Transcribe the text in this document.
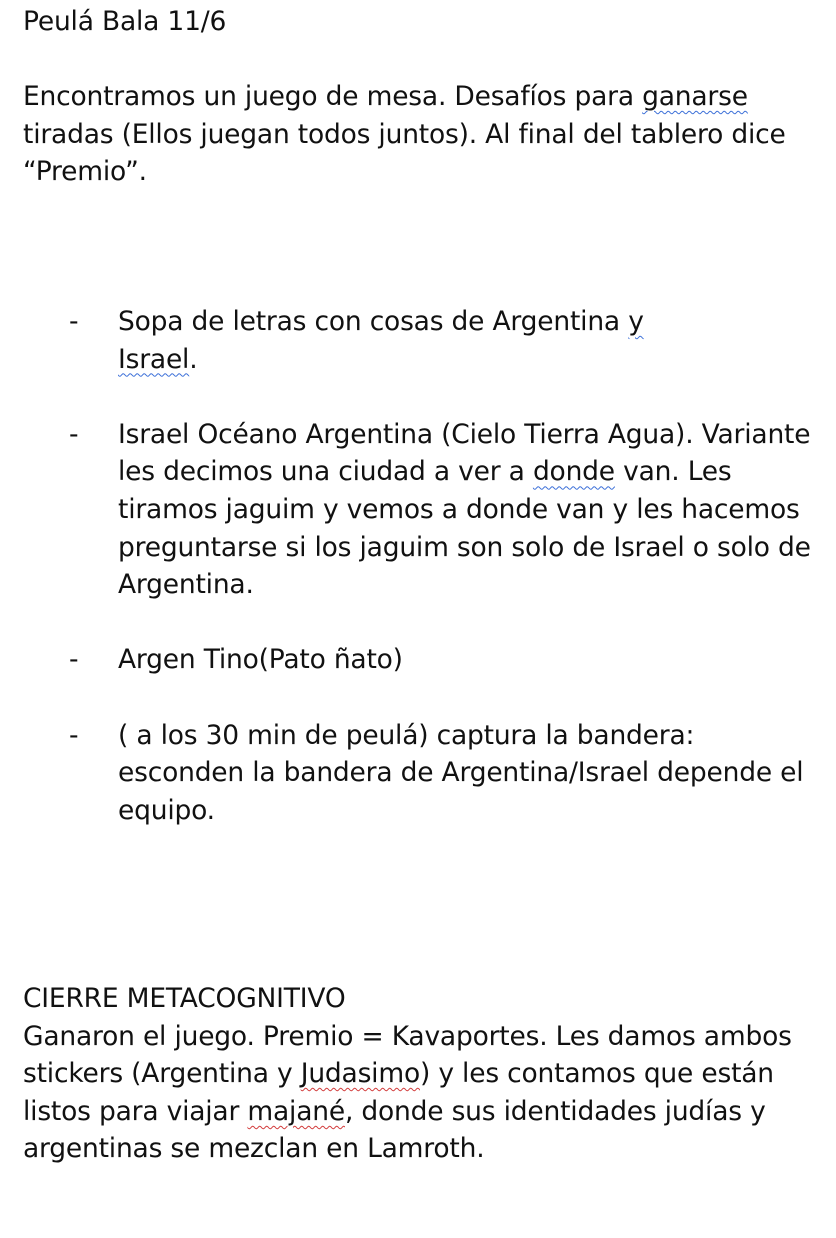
Peulá Bala 11/6

Encontramos un juego de mesa. Desafíos para ganarse tiradas (Ellos juegan todos juntos). Al final del tablero dice “Premio”.

- Sopa de letras con cosas de Argentina y
Israel.
- Israel Océano Argentina (Cielo Tierra Agua). Variante les decimos una ciudad a ver a donde van. Les tiramos jaguim y vemos a donde van y les hacemos preguntarse si los jaguim son solo de Israel o solo de Argentina.
- Argen Tino(Pato ñato)
- ( a los 30 min de peulá) captura la bandera: esconden la bandera de Argentina/Israel depende el equipo.
CIERRE METACOGNITIVO

Ganaron el juego. Premio = Kavaportes. Les damos ambos stickers (Argentina y Judasimo) y les contamos que están listos para viajar majané, donde sus identidades judías y argentinas se mezclan en Lamroth.
